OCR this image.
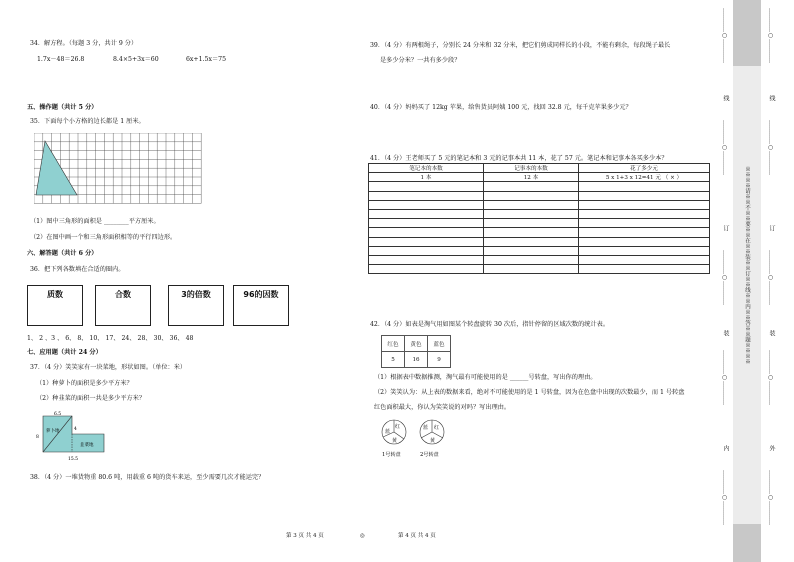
34．解方程。（每题 3 分，共计 9 分）
1.7x－48＝26.8	8.4×5+3x＝60	6x+1.5x＝75
五、操作题（共计 5 分）
35．下面每个小方格的边长都是 1 厘米。
（1）图中三角形的面积是 ________平方厘米。
（2）在图中画一个和三角形面积相等的平行四边形。
六、解答题（共计 6 分）
36．把下列各数填在合适的圈内。
质数	合数	3的倍数	96的因数
1、 2 、3 、 6、 8、 10、 17、 24、 28、 30、 36、 48
七、应用题（共计 24 分）
37．（4 分）笑笑家有一块菜地，形状如图。（单位：米）
（1）种萝卜的面积是多少平方米？
（2）种韭菜的面积一共是多少平方米？
6.5
8
4
15.5
萝卜地
韭菜地
38．（4 分）一堆货物重 80.6 吨，用载重 6 吨的货车来运，至少需要几次才能运完？
39．（4 分）有两根绳子，分别长 24 分米和 32 分米，把它们剪成同样长的小段，不能有剩余，每段绳子最长
是多少分米？一共有多少段？
40．（4 分）妈妈买了 12kg 苹果，给售货员阿姨 100 元，找回 32.8 元，每千克苹果多少元？
41．（4 分）王老师买了 5 元的笔记本和 3 元的记事本共 11 本，花了 57 元。笔记本和记事本各买多少本？
笔记本的本数	记事本的本数	花了多少元
1 本	12 本	5 x 1+3 x 12=41 元 （ × ）

42．（4 分）如表是淘气用如图某个转盘旋转 30 次后，指针停留的区域次数的统计表。
红色	黄色	蓝色
5	16	9
（1）根据表中数据推测，淘气最有可能使用的是 ______号转盘，写出你的理由。
（2）笑笑认为：从上表的数据来看，绝对不可能使用的是 1 号转盘，因为在色盘中出现的次数最少，而 1 号转盘
红色面积最大，你认为笑笑说的对吗？写出理由。
红
蓝
黄
1号转盘
蓝 红
黄
2号转盘
第 3 页 共 4 页	◎	第 4 页 共 4 页
…………○…………
线
…………○…………
订
…………○…………
装
…………○…………
内
…………○…………
※※※※请※※不※※要※※在※※装※※订※※线※※内※※答※※题※※※※
…………○…………
线
…………○…………
订
…………○…………
装
…………○…………
外
…………○…………
